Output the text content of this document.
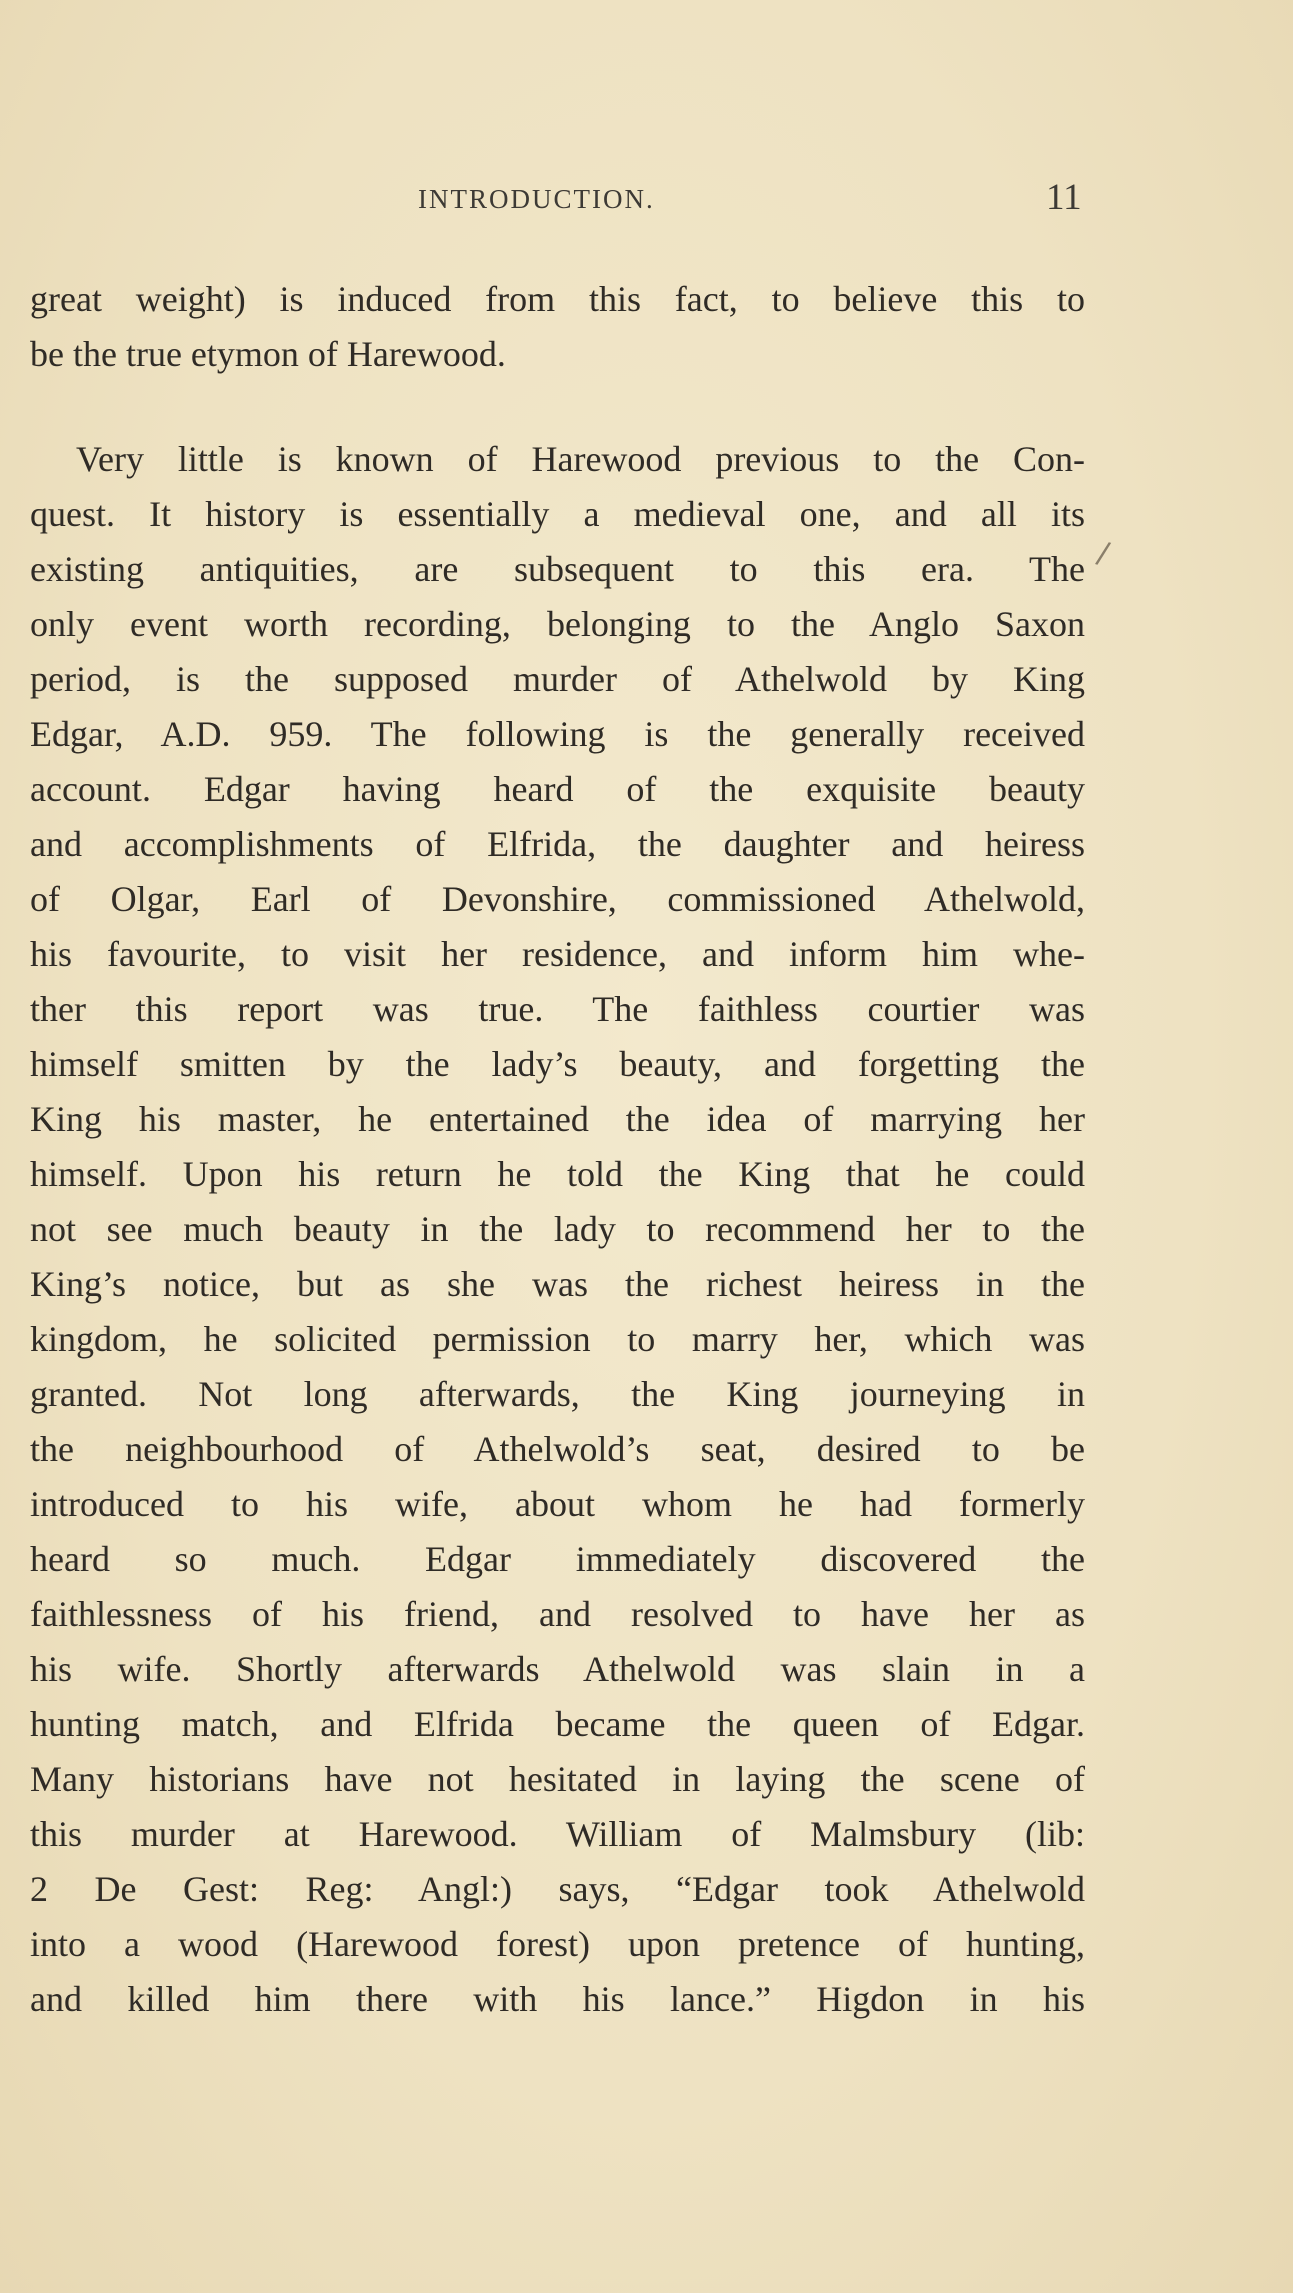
INTRODUCTION.	11
great weight) is induced from this fact, to believe this to
be the true etymon of Harewood.
Very little is known of Harewood previous to the Con-
quest. It history is essentially a medieval one, and all its
existing antiquities, are subsequent to this era. The
only event worth recording, belonging to the Anglo Saxon
period, is the supposed murder of Athelwold by King
Edgar, A.D. 959. The following is the generally received
account. Edgar having heard of the exquisite beauty
and accomplishments of Elfrida, the daughter and heiress
of Olgar, Earl of Devonshire, commissioned Athelwold,
his favourite, to visit her residence, and inform him whe-
ther this report was true. The faithless courtier was
himself smitten by the lady’s beauty, and forgetting the
King his master, he entertained the idea of marrying her
himself. Upon his return he told the King that he could
not see much beauty in the lady to recommend her to the
King’s notice, but as she was the richest heiress in the
kingdom, he solicited permission to marry her, which was
granted. Not long afterwards, the King journeying in
the neighbourhood of Athelwold’s seat, desired to be
introduced to his wife, about whom he had formerly
heard so much. Edgar immediately discovered the
faithlessness of his friend, and resolved to have her as
his wife. Shortly afterwards Athelwold was slain in a
hunting match, and Elfrida became the queen of Edgar.
Many historians have not hesitated in laying the scene of
this murder at Harewood. William of Malmsbury (lib:
2 De Gest: Reg: Angl:) says, “Edgar took Athelwold
into a wood (Harewood forest) upon pretence of hunting,
and killed him there with his lance.” Higdon in his
/
